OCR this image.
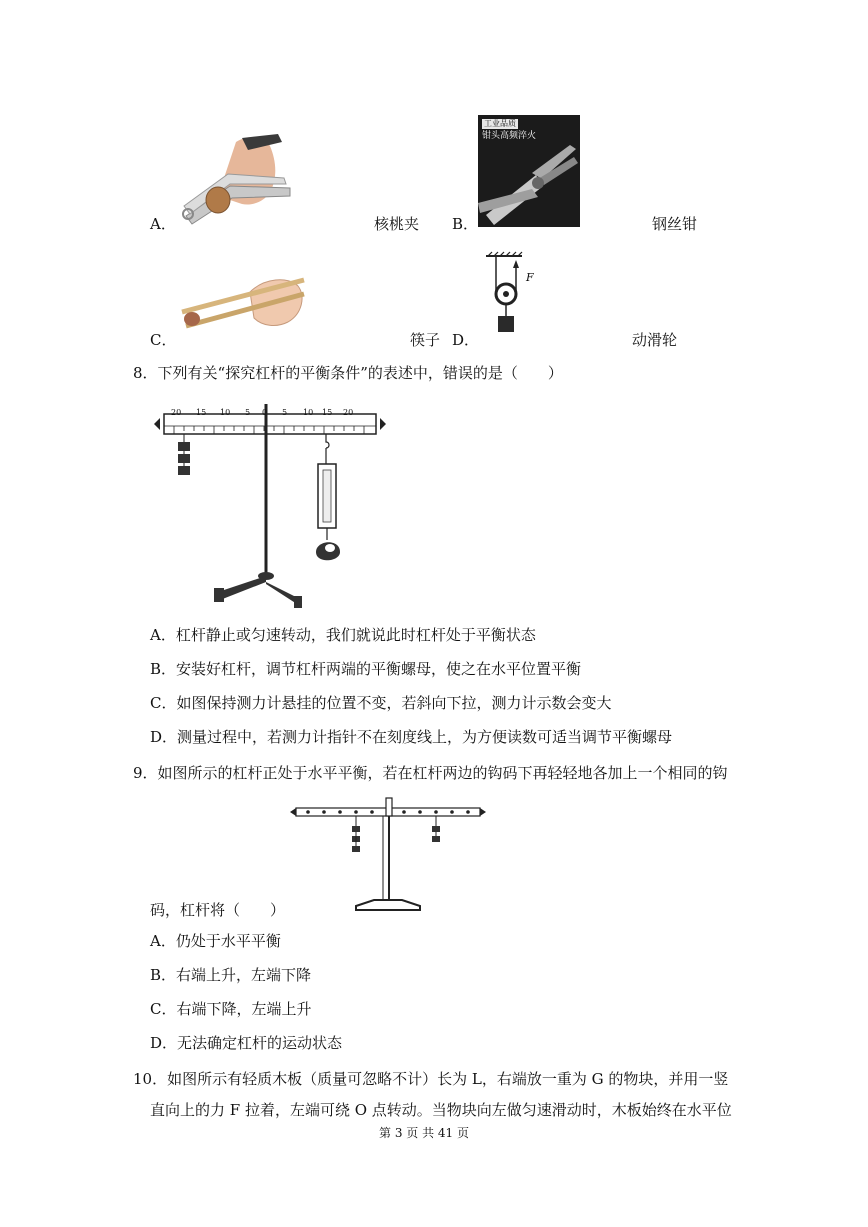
A．	核桃夹 B．
工业品质
钳头高频淬火
钢丝钳
C．	筷子 D．
F
动滑轮
8．下列有关“探究杠杆的平衡条件”的表述中，错误的是（　　）
20 15 10 5 0 5 10 15 20
A．杠杆静止或匀速转动，我们就说此时杠杆处于平衡状态
B．安装好杠杆，调节杠杆两端的平衡螺母，使之在水平位置平衡
C．如图保持测力计悬挂的位置不变，若斜向下拉，测力计示数会变大
D．测量过程中，若测力计指针不在刻度线上，为方便读数可适当调节平衡螺母
9．如图所示的杠杆正处于水平平衡，若在杠杆两边的钩码下再轻轻地各加上一个相同的钩
码，杠杆将（　　）
A．仍处于水平平衡
B．右端上升，左端下降
C．右端下降，左端上升
D．无法确定杠杆的运动状态
10．如图所示有轻质木板（质量可忽略不计）长为 L，右端放一重为 G 的物块，并用一竖
直向上的力 F 拉着，左端可绕 O 点转动。当物块向左做匀速滑动时，木板始终在水平位
第 3 页 共 41 页
